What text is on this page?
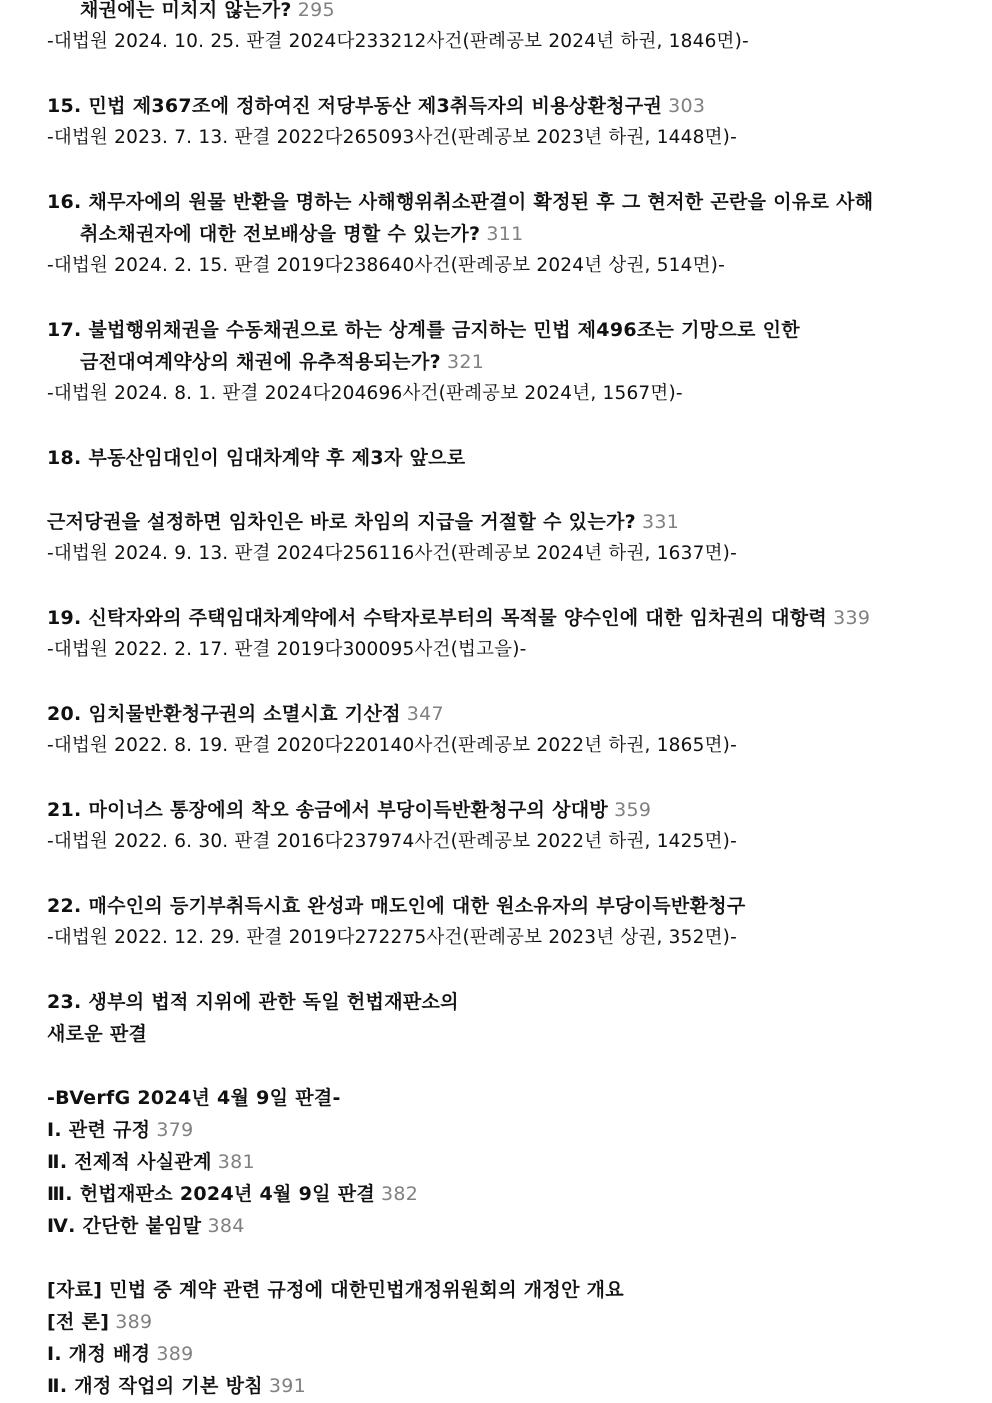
채권에는 미치지 않는가? 295
-대법원 2024. 10. 25. 판결 2024다233212사건(판례공보 2024년 하권, 1846면)-
15. 민법 제367조에 정하여진 저당부동산 제3취득자의 비용상환청구권 303
-대법원 2023. 7. 13. 판결 2022다265093사건(판례공보 2023년 하권, 1448면)-
16. 채무자에의 원물 반환을 명하는 사해행위취소판결이 확정된 후 그 현저한 곤란을 이유로 사해
취소채권자에 대한 전보배상을 명할 수 있는가? 311
-대법원 2024. 2. 15. 판결 2019다238640사건(판례공보 2024년 상권, 514면)-
17. 불법행위채권을 수동채권으로 하는 상계를 금지하는 민법 제496조는 기망으로 인한
금전대여계약상의 채권에 유추적용되는가? 321
-대법원 2024. 8. 1. 판결 2024다204696사건(판례공보 2024년, 1567면)-
18. 부동산임대인이 임대차계약 후 제3자 앞으로
근저당권을 설정하면 임차인은 바로 차임의 지급을 거절할 수 있는가? 331
-대법원 2024. 9. 13. 판결 2024다256116사건(판례공보 2024년 하권, 1637면)-
19. 신탁자와의 주택임대차계약에서 수탁자로부터의 목적물 양수인에 대한 임차권의 대항력 339
-대법원 2022. 2. 17. 판결 2019다300095사건(법고을)-
20. 임치물반환청구권의 소멸시효 기산점 347
-대법원 2022. 8. 19. 판결 2020다220140사건(판례공보 2022년 하권, 1865면)-
21. 마이너스 통장에의 착오 송금에서 부당이득반환청구의 상대방 359
-대법원 2022. 6. 30. 판결 2016다237974사건(판례공보 2022년 하권, 1425면)-
22. 매수인의 등기부취득시효 완성과 매도인에 대한 원소유자의 부당이득반환청구
-대법원 2022. 12. 29. 판결 2019다272275사건(판례공보 2023년 상권, 352면)-
23. 생부의 법적 지위에 관한 독일 헌법재판소의
새로운 판결
-BVerfG 2024년 4월 9일 판결-
Ⅰ. 관련 규정 379
Ⅱ. 전제적 사실관계 381
Ⅲ. 헌법재판소 2024년 4월 9일 판결 382
Ⅳ. 간단한 붙임말 384
[자료] 민법 중 계약 관련 규정에 대한민법개정위원회의 개정안 개요
[전 론] 389
Ⅰ. 개정 배경 389
Ⅱ. 개정 작업의 기본 방침 391
